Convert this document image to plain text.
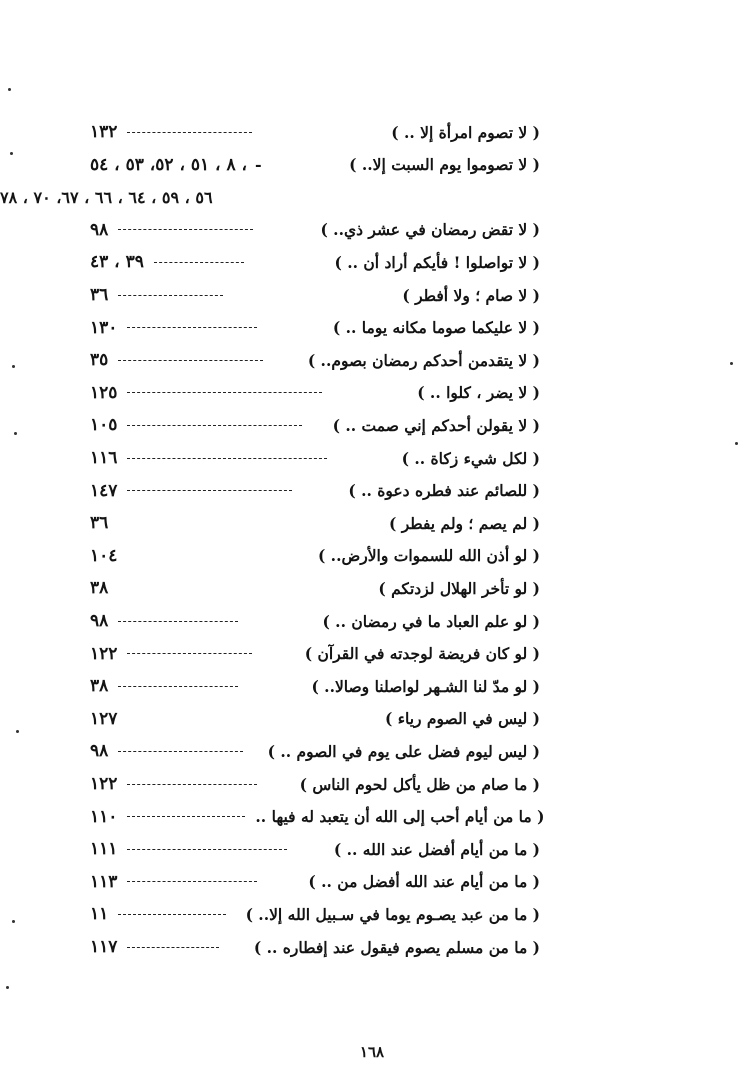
١٣٢	( لا تصوم امرأة إلا .. )
٨ ، ٥١ ، ٥٢، ٥٣ ، ٥٤ ، -	( لا تصوموا يوم السبت إلا.. )
٥٦ ، ٥٩ ، ٦٤ ، ٦٦ ، ٦٧، ٧٠ ، ٧٨
٩٨	( لا تقض رمضان في عشر ذي.. )
٣٩ ، ٤٣	( لا تواصلوا ! فأيكم أراد أن .. )
٣٦	( لا صام ؛ ولا أفطر )
١٣٠	( لا عليكما صوما مكانه يوما .. )
٣٥	( لا يتقدمن أحدكم رمضان بصوم.. )
١٢٥	( لا يضر ، كلوا .. )
١٠٥	( لا يقولن أحدكم إني صمت .. )
١١٦	( لكل شيء زكاة .. )
١٤٧	( للصائم عند فطره دعوة .. )
٣٦	( لم يصم ؛ ولم يفطر )
١٠٤	( لو أذن الله للسموات والأرض.. )
٣٨	( لو تأخر الهلال لزدتكم )
٩٨	( لو علم العباد ما في رمضان .. )
١٢٢	( لو كان فريضة لوجدته في القرآن )
٣٨	( لو مدّ لنا الشـهر لواصلنا وصالا.. )
١٢٧	( ليس في الصوم رياء )
٩٨	( ليس ليوم فضل على يوم في الصوم .. )
١٢٢	( ما صام من ظل يأكل لحوم الناس )
١١٠	( ما من أيام أحب إلى الله أن يتعبد له فيها ..
١١١	( ما من أيام أفضل عند الله .. )
١١٣	( ما من أيام عند الله أفضل من .. )
١١	( ما من عبد يصـوم يوما في سـبيل الله إلا.. )
١١٧	( ما من مسلم يصوم فيقول عند إفطاره .. )
١٦٨
